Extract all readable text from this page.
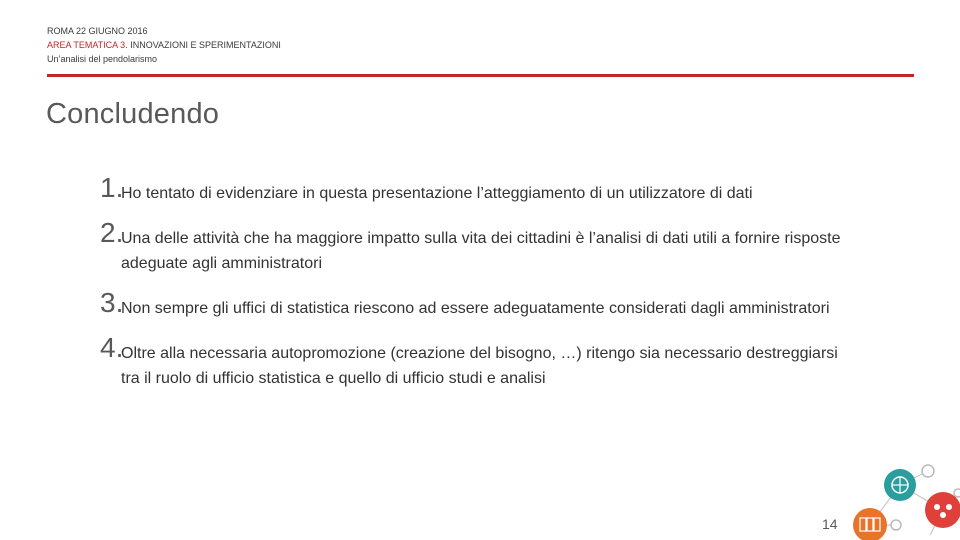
ROMA 22 GIUGNO 2016
AREA TEMATICA 3. INNOVAZIONI E SPERIMENTAZIONI
Un’analisi del pendolarismo
Concludendo
1.
Ho tentato di evidenziare in questa presentazione l’atteggiamento di un utilizzatore di dati
2.
Una delle attività che ha maggiore impatto sulla vita dei cittadini è l’analisi di dati utili a fornire risposte adeguate agli amministratori
3.
Non sempre gli uffici di statistica riescono ad essere adeguatamente considerati dagli amministratori
4.
Oltre alla necessaria autopromozione (creazione del bisogno, …) ritengo sia necessario destreggiarsi tra il ruolo di ufficio statistica e quello di ufficio studi e analisi
14
